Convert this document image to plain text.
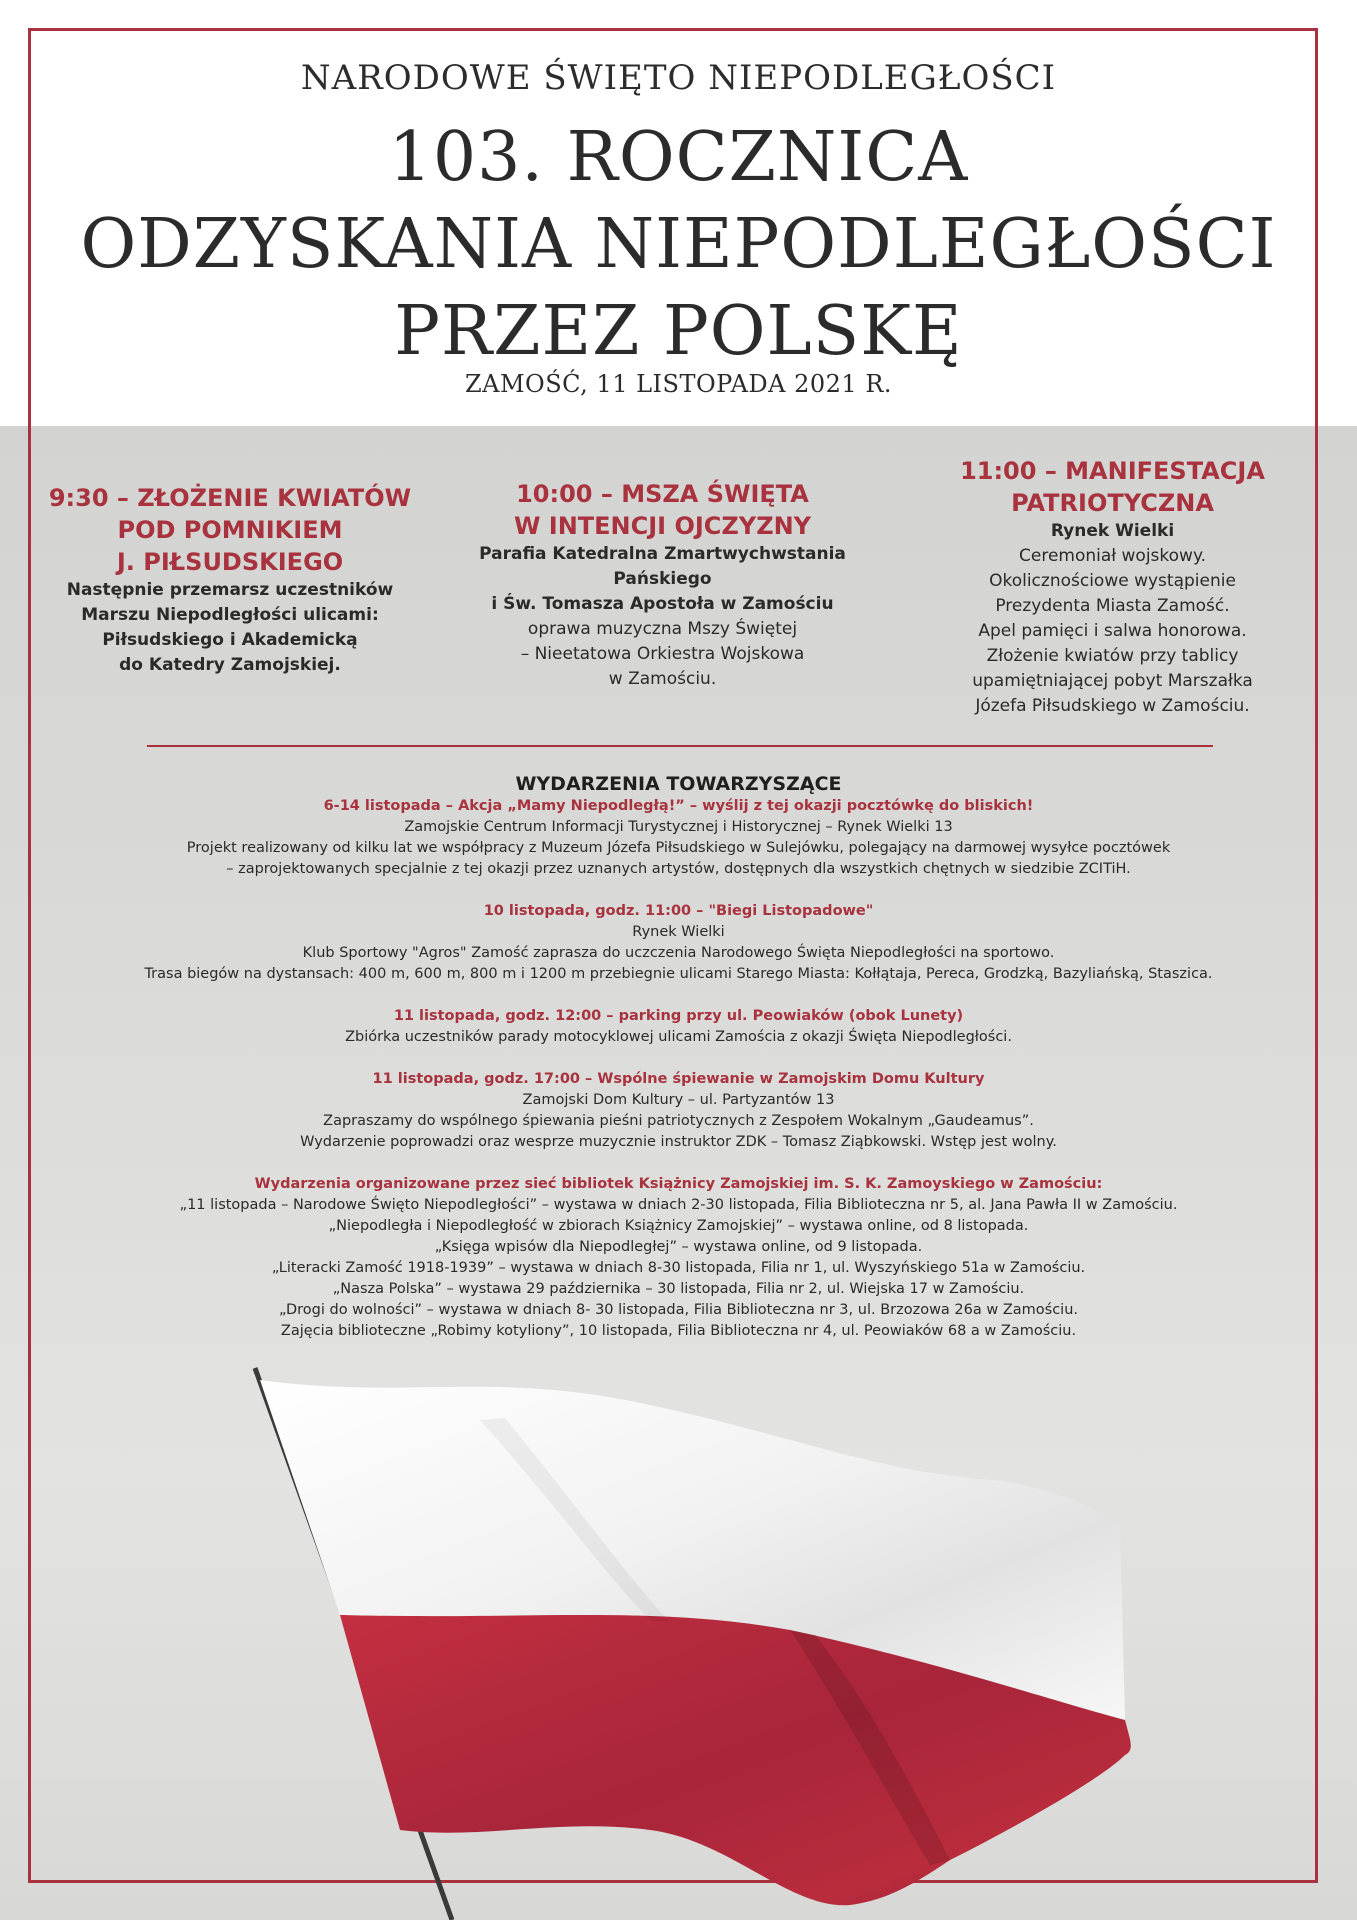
NARODOWE ŚWIĘTO NIEPODLEGŁOŚCI
103. ROCZNICA
ODZYSKANIA NIEPODLEGŁOŚCI
PRZEZ POLSKĘ
ZAMOŚĆ, 11 LISTOPADA 2021 R.
9:30 – ZŁOŻENIE KWIATÓW
POD POMNIKIEM
J. PIŁSUDSKIEGO

Następnie przemarsz uczestników

Marszu Niepodległości ulicami:

Piłsudskiego i Akademicką

do Katedry Zamojskiej.

10:00 – MSZA ŚWIĘTA
W INTENCJI OJCZYZNY

Parafia Katedralna Zmartwychwstania

Pańskiego

i Św. Tomasza Apostoła w Zamościu

oprawa muzyczna Mszy Świętej

– Nieetatowa Orkiestra Wojskowa

w Zamościu.

11:00 – MANIFESTACJA
PATRIOTYCZNA

Rynek Wielki

Ceremoniał wojskowy.

Okolicznościowe wystąpienie

Prezydenta Miasta Zamość.

Apel pamięci i salwa honorowa.

Złożenie kwiatów przy tablicy

upamiętniającej pobyt Marszałka

Józefa Piłsudskiego w Zamościu.

WYDARZENIA TOWARZYSZĄCE

6-14 listopada – Akcja „Mamy Niepodległą!” – wyślij z tej okazji pocztówkę do bliskich!

Zamojskie Centrum Informacji Turystycznej i Historycznej – Rynek Wielki 13

Projekt realizowany od kilku lat we współpracy z Muzeum Józefa Piłsudskiego w Sulejówku, polegający na darmowej wysyłce pocztówek

– zaprojektowanych specjalnie z tej okazji przez uznanych artystów, dostępnych dla wszystkich chętnych w siedzibie ZCITiH.

10 listopada, godz. 11:00 – "Biegi Listopadowe"

Rynek Wielki

Klub Sportowy "Agros" Zamość zaprasza do uczczenia Narodowego Święta Niepodległości na sportowo.

Trasa biegów na dystansach: 400 m, 600 m, 800 m i 1200 m przebiegnie ulicami Starego Miasta: Kołłątaja, Pereca, Grodzką, Bazyliańską, Staszica.

11 listopada, godz. 12:00 – parking przy ul. Peowiaków (obok Lunety)

Zbiórka uczestników parady motocyklowej ulicami Zamościa z okazji Święta Niepodległości.

11 listopada, godz. 17:00 – Wspólne śpiewanie w Zamojskim Domu Kultury

Zamojski Dom Kultury – ul. Partyzantów 13

Zapraszamy do wspólnego śpiewania pieśni patriotycznych z Zespołem Wokalnym „Gaudeamus”.

Wydarzenie poprowadzi oraz wesprze muzycznie instruktor ZDK – Tomasz Ziąbkowski. Wstęp jest wolny.

Wydarzenia organizowane przez sieć bibliotek Książnicy Zamojskiej im. S. K. Zamoyskiego w Zamościu:

„11 listopada – Narodowe Święto Niepodległości” – wystawa w dniach 2-30 listopada, Filia Biblioteczna nr 5, al. Jana Pawła II w Zamościu.

„Niepodległa i Niepodległość w zbiorach Książnicy Zamojskiej” – wystawa online, od 8 listopada.

„Księga wpisów dla Niepodległej” – wystawa online, od 9 listopada.

„Literacki Zamość 1918-1939” – wystawa w dniach 8-30 listopada, Filia nr 1, ul. Wyszyńskiego 51a w Zamościu.

„Nasza Polska” – wystawa 29 października – 30 listopada, Filia nr 2, ul. Wiejska 17 w Zamościu.

„Drogi do wolności” – wystawa w dniach 8- 30 listopada, Filia Biblioteczna nr 3, ul. Brzozowa 26a w Zamościu.

Zajęcia biblioteczne „Robimy kotyliony”, 10 listopada, Filia Biblioteczna nr 4, ul. Peowiaków 68 a w Zamościu.
